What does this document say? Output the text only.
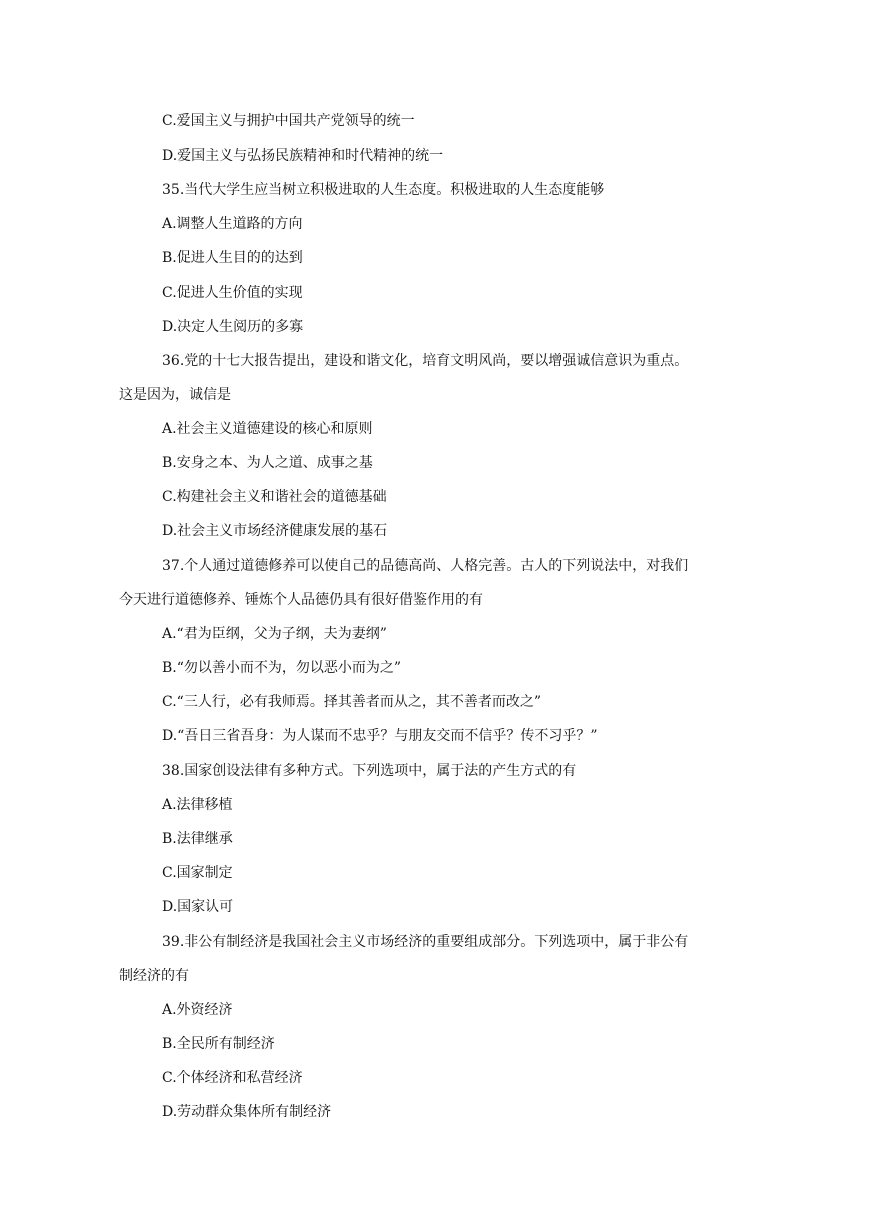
C.爱国主义与拥护中国共产党领导的统一
D.爱国主义与弘扬民族精神和时代精神的统一
35.当代大学生应当树立积极进取的人生态度。积极进取的人生态度能够
A.调整人生道路的方向
B.促进人生目的的达到
C.促进人生价值的实现
D.决定人生阅历的多寡
36.党的十七大报告提出，建设和谐文化，培育文明风尚，要以增强诚信意识为重点。
这是因为，诚信是
A.社会主义道德建设的核心和原则
B.安身之本、为人之道、成事之基
C.构建社会主义和谐社会的道德基础
D.社会主义市场经济健康发展的基石
37.个人通过道德修养可以使自己的品德高尚、人格完善。古人的下列说法中，对我们
今天进行道德修养、锤炼个人品德仍具有很好借鉴作用的有
A.“君为臣纲，父为子纲，夫为妻纲”
B.“勿以善小而不为，勿以恶小而为之”
C.“三人行，必有我师焉。择其善者而从之，其不善者而改之”
D.“吾日三省吾身：为人谋而不忠乎？与朋友交而不信乎？传不习乎？”
38.国家创设法律有多种方式。下列选项中，属于法的产生方式的有
A.法律移植
B.法律继承
C.国家制定
D.国家认可
39.非公有制经济是我国社会主义市场经济的重要组成部分。下列选项中，属于非公有
制经济的有
A.外资经济
B.全民所有制经济
C.个体经济和私营经济
D.劳动群众集体所有制经济
